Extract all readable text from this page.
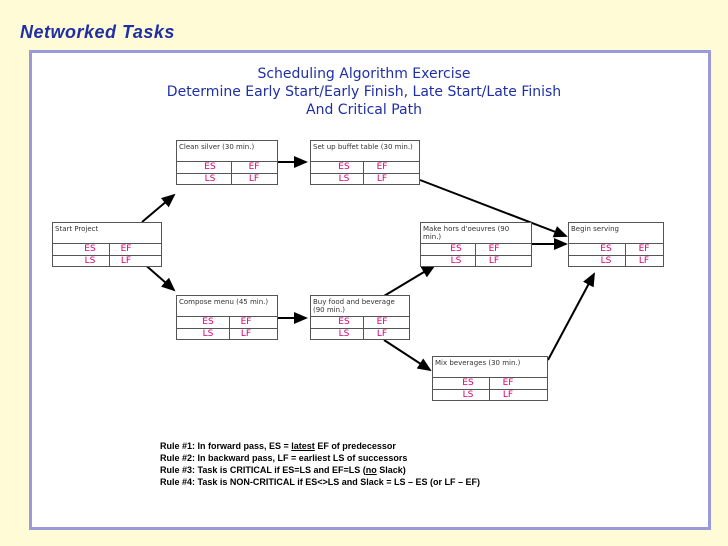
Networked Tasks
Scheduling Algorithm Exercise
Determine Early Start/Early Finish, Late Start/Late Finish
And Critical Path
Clean silver (30 min.)
ES	EF
LS	LF
Set up buffet table (30 min.)
ES	EF
LS	LF
Start Project
ES	EF
LS	LF
Make hors d'oeuvres (90 min.)
ES	EF
LS	LF
Begin serving
ES	EF
LS	LF
Compose menu (45 min.)
ES	EF
LS	LF
Buy food and beverage (90 min.)
ES	EF
LS	LF
Mix beverages (30 min.)
ES	EF
LS	LF
Rule #1: In forward pass, ES = latest EF of predecessor
Rule #2: In backward pass, LF = earliest LS of successors
Rule #3: Task is CRITICAL if ES=LS and EF=LS (no Slack)
Rule #4: Task is NON-CRITICAL if ES<>LS and Slack = LS – ES (or LF – EF)
